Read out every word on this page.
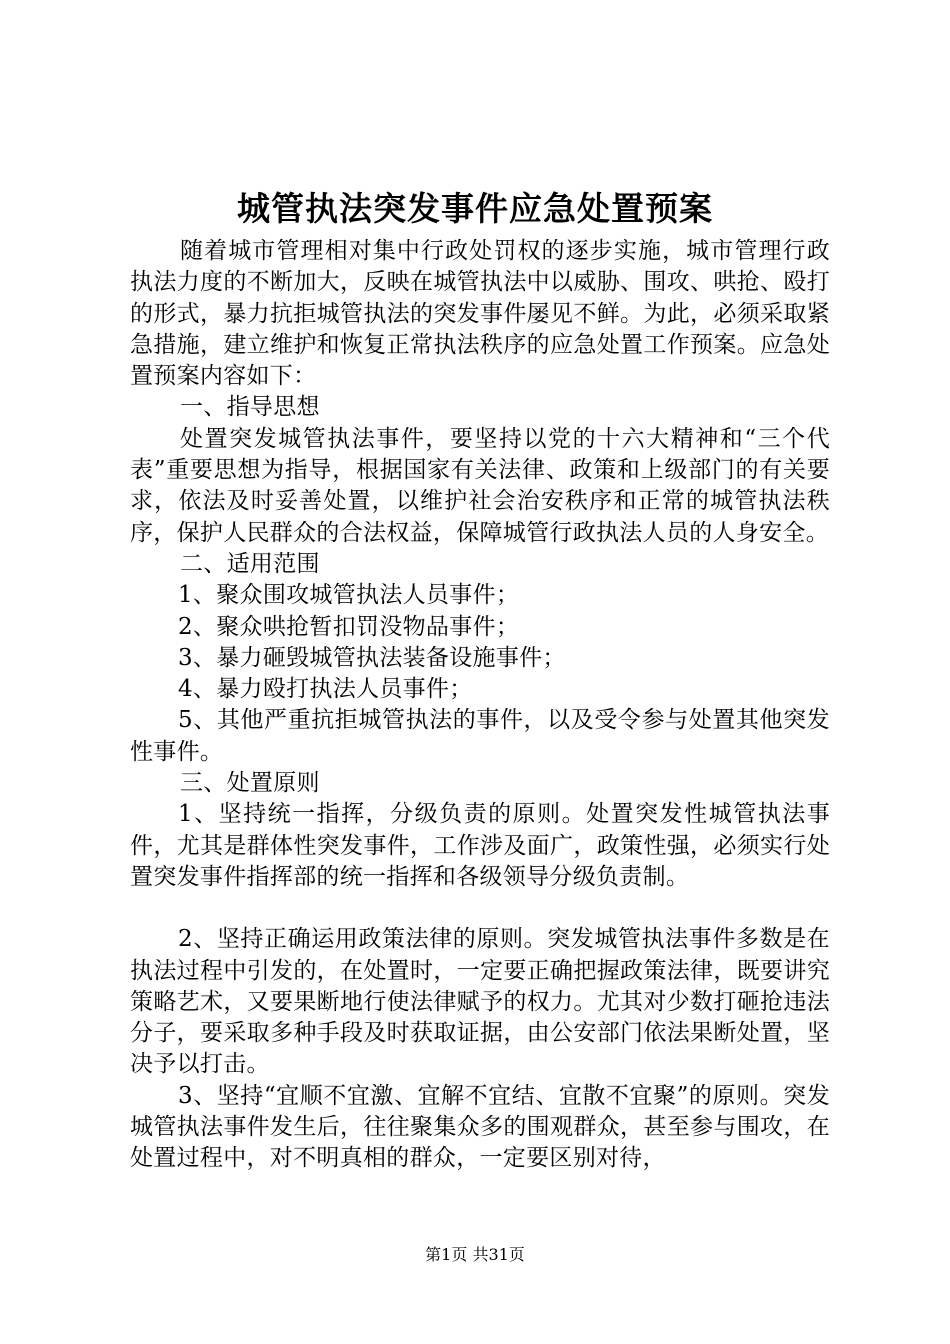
城管执法突发事件应急处置预案

随着城市管理相对集中行政处罚权的逐步实施，城市管理行政执法力度的不断加大，反映在城管执法中以威胁、围攻、哄抢、殴打的形式，暴力抗拒城管执法的突发事件屡见不鲜。为此，必须采取紧急措施，建立维护和恢复正常执法秩序的应急处置工作预案。应急处置预案内容如下：

一、指导思想

处置突发城管执法事件，要坚持以党的十六大精神和“三个代表”重要思想为指导，根据国家有关法律、政策和上级部门的有关要求，依法及时妥善处置，以维护社会治安秩序和正常的城管执法秩序，保护人民群众的合法权益，保障城管行政执法人员的人身安全。

二、适用范围

1、聚众围攻城管执法人员事件；

2、聚众哄抢暂扣罚没物品事件；

3、暴力砸毁城管执法装备设施事件；

4、暴力殴打执法人员事件；

5、其他严重抗拒城管执法的事件，以及受令参与处置其他突发性事件。

三、处置原则

1、坚持统一指挥，分级负责的原则。处置突发性城管执法事件，尤其是群体性突发事件，工作涉及面广，政策性强，必须实行处置突发事件指挥部的统一指挥和各级领导分级负责制。

2、坚持正确运用政策法律的原则。突发城管执法事件多数是在执法过程中引发的，在处置时，一定要正确把握政策法律，既要讲究策略艺术，又要果断地行使法律赋予的权力。尤其对少数打砸抢违法分子，要采取多种手段及时获取证据，由公安部门依法果断处置，坚决予以打击。

3、坚持“宜顺不宜激、宜解不宜结、宜散不宜聚”的原则。突发城管执法事件发生后，往往聚集众多的围观群众，甚至参与围攻，在处置过程中，对不明真相的群众，一定要区别对待，

第1页 共31页
